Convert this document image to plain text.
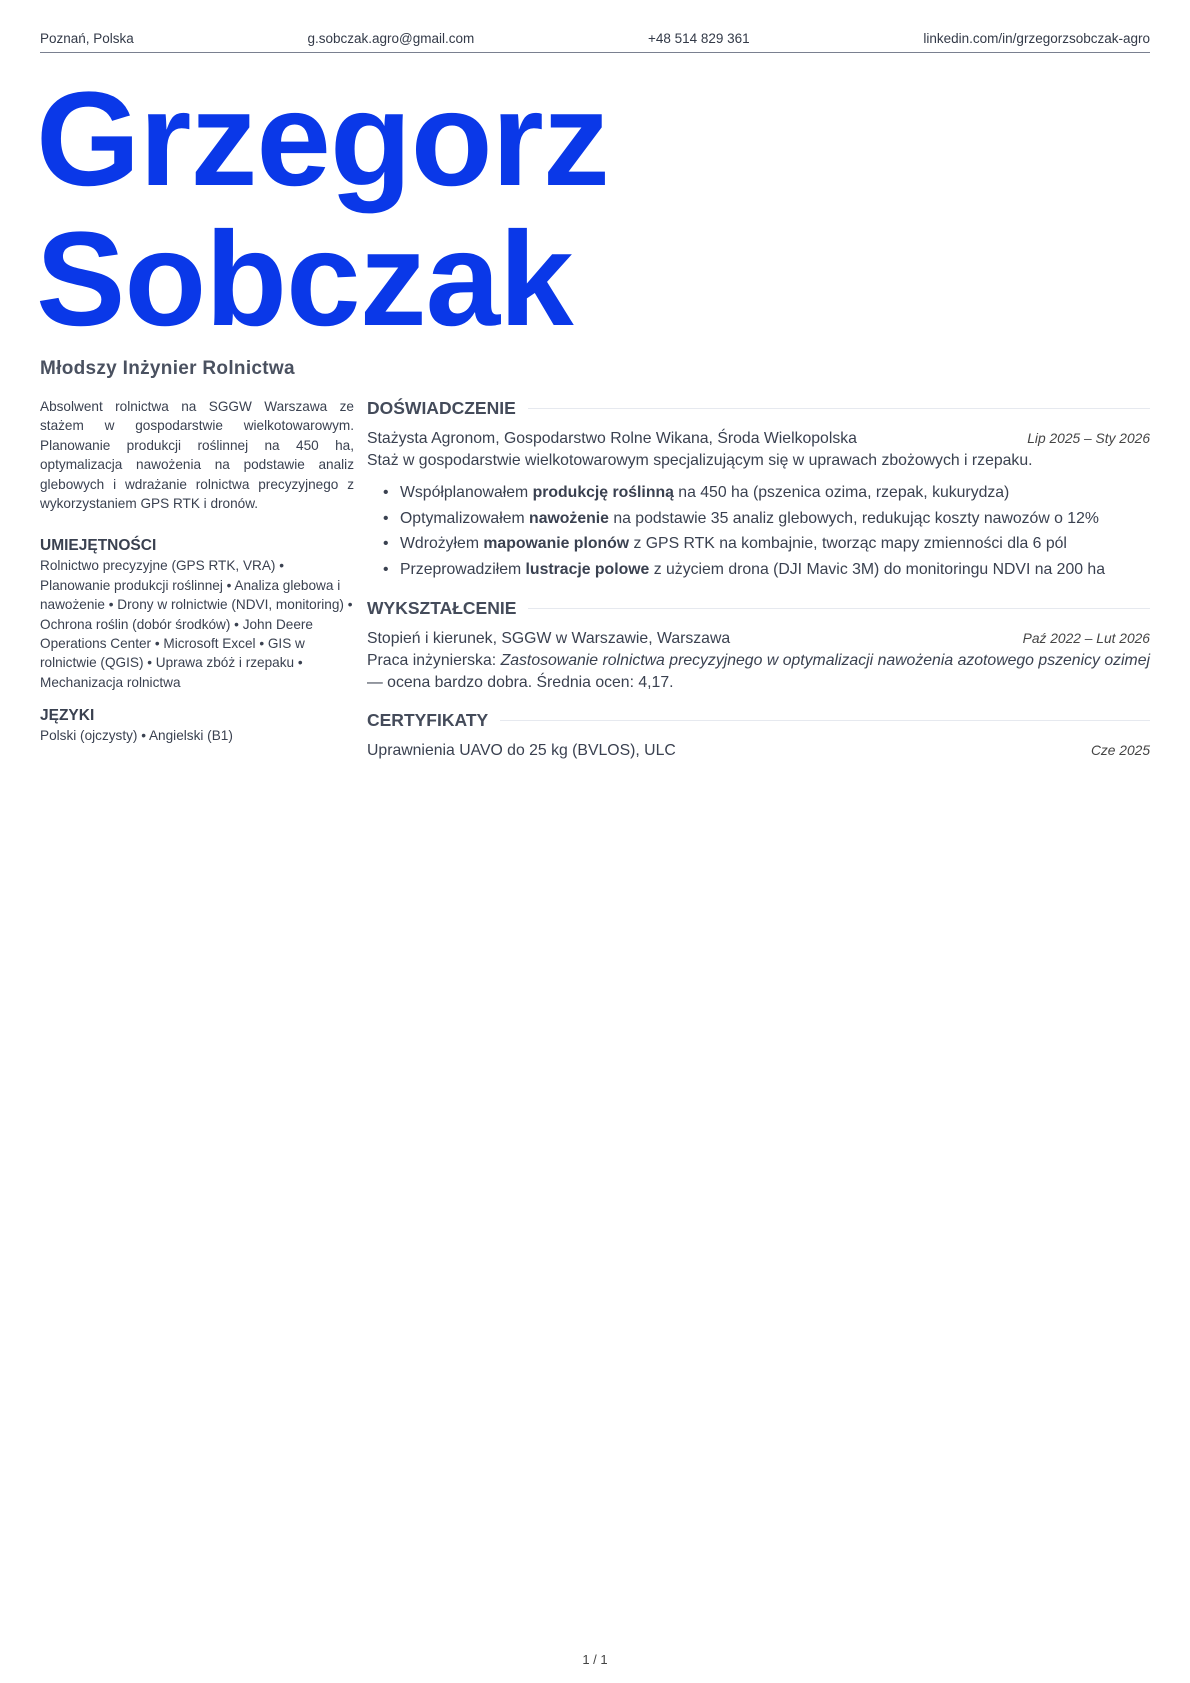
Poznań, Polska	g.sobczak.agro@gmail.com	+48 514 829 361	linkedin.com/in/grzegorzsobczak-agro
Grzegorz
Sobczak
Młodszy Inżynier Rolnictwa
Absolwent rolnictwa na SGGW Warszawa ze stażem w gospodarstwie wielkotowarowym. Planowanie produkcji roślinnej na 450 ha, optymalizacja nawożenia na podstawie analiz glebowych i wdrażanie rolnictwa precyzyjnego z wykorzystaniem GPS RTK i dronów.
UMIEJĘTNOŚCI
Rolnictwo precyzyjne (GPS RTK, VRA) • Planowanie produkcji roślinnej • Analiza glebowa i nawożenie • Drony w rolnictwie (NDVI, monitoring) • Ochrona roślin (dobór środków) • John Deere Operations Center • Microsoft Excel • GIS w rolnictwie (QGIS) • Uprawa zbóż i rzepaku • Mechanizacja rolnictwa
JĘZYKI
Polski (ojczysty) • Angielski (B1)
DOŚWIADCZENIE
Stażysta Agronom, Gospodarstwo Rolne Wikana, Środa Wielkopolska	Lip 2025 – Sty 2026
Staż w gospodarstwie wielkotowarowym specjalizującym się w uprawach zbożowych i rzepaku.
• Współplanowałem produkcję roślinną na 450 ha (pszenica ozima, rzepak, kukurydza)
• Optymalizowałem nawożenie na podstawie 35 analiz glebowych, redukując koszty nawozów o 12%
• Wdrożyłem mapowanie plonów z GPS RTK na kombajnie, tworząc mapy zmienności dla 6 pól
• Przeprowadziłem lustracje polowe z użyciem drona (DJI Mavic 3M) do monitoringu NDVI na 200 ha
WYKSZTAŁCENIE
Stopień i kierunek, SGGW w Warszawie, Warszawa	Paź 2022 – Lut 2026
Praca inżynierska: Zastosowanie rolnictwa precyzyjnego w optymalizacji nawożenia azotowego pszenicy ozimej — ocena bardzo dobra. Średnia ocen: 4,17.
CERTYFIKATY
Uprawnienia UAVO do 25 kg (BVLOS), ULC	Cze 2025
1 / 1
